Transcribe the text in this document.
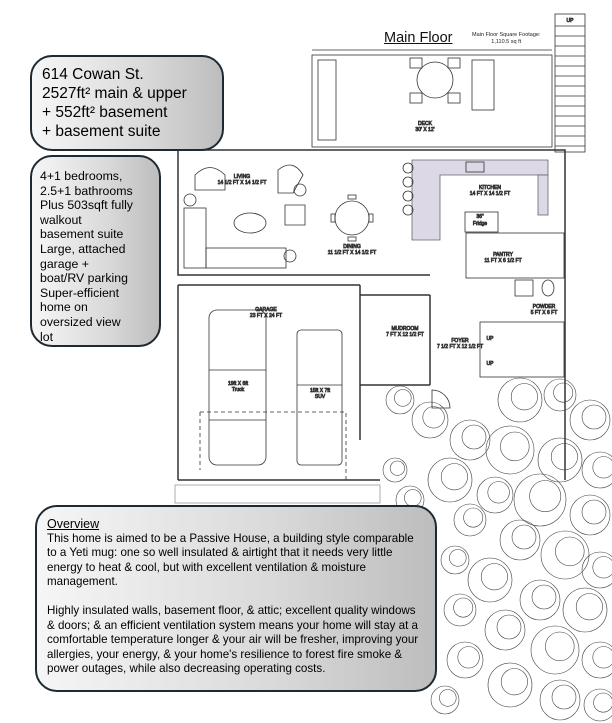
UP
DECK
30' X 12'
LIVING
14 1/2 FT X 14 1/2 FT
DINING
11 1/2 FT X 14 1/2 FT
KITCHEN
14 FT X 14 1/2 FT
36"
Fridge
PANTRY
11 FT X 6 1/2 FT
POWDER
5 FT X 6 FT
UP
UP
GARAGE
23 FT X 24 FT
19ft X 6ft
Truck	15ft X 7ft
SUV
MUDROOM
7 FT X 12 1/2 FT
FOYER
7 1/2 FT X 12 1/2 FT
Main Floor	Main Floor Square Footage:
1,110.5 sq ft
614 Cowan St.
2527ft² main & upper
+ 552ft² basement
+ basement suite
4+1 bedrooms,
2.5+1 bathrooms
Plus 503sqft fully
walkout
basement suite
Large, attached
garage +
boat/RV parking
Super-efficient
home on
oversized view
lot
Overview

This home is aimed to be a Passive House, a building style comparable to a Yeti mug: one so well insulated & airtight that it needs very little energy to heat & cool, but with excellent ventilation & moisture management.

Highly insulated walls, basement floor, & attic; excellent quality windows & doors; & an efficient ventilation system means your home will stay at a comfortable temperature longer & your air will be fresher, improving your allergies, your energy, & your home's resilience to forest fire smoke & power outages, while also decreasing operating costs.
